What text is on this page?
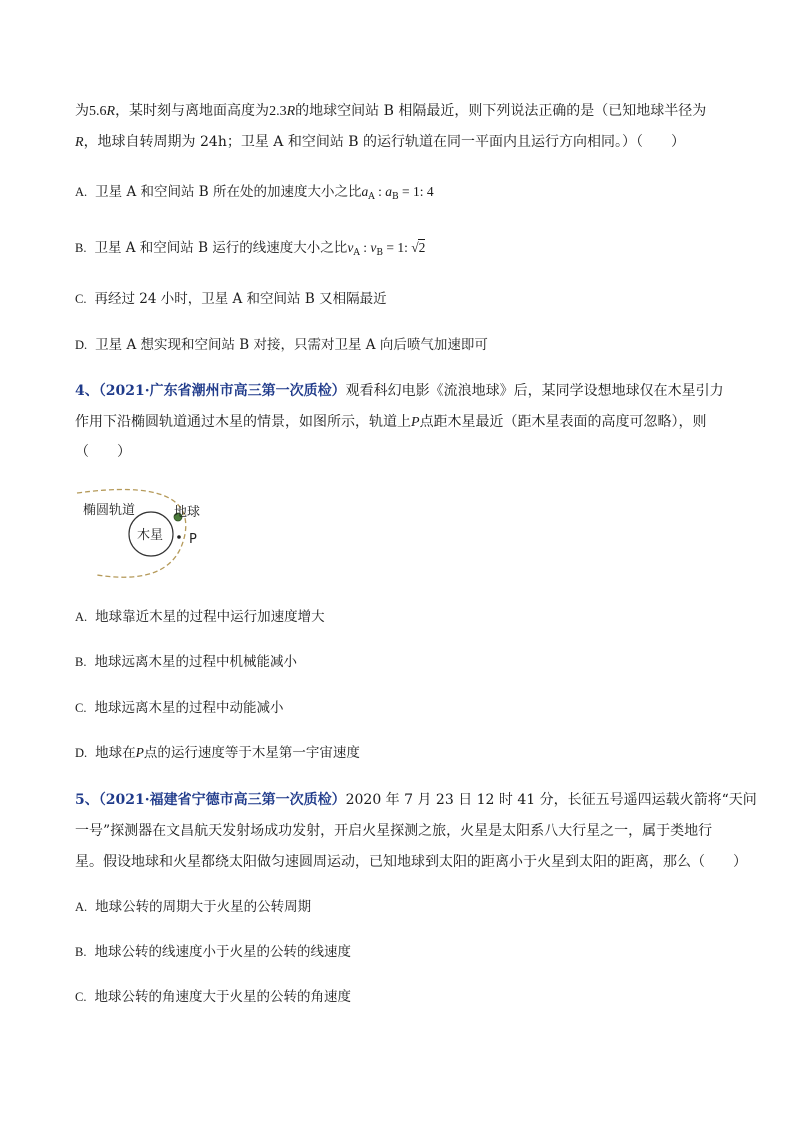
为5.6R，某时刻与离地面高度为2.3R的地球空间站 B 相隔最近，则下列说法正确的是（已知地球半径为
R，地球自转周期为 24h；卫星 A 和空间站 B 的运行轨道在同一平面内且运行方向相同。）（　　）
A. 卫星 A 和空间站 B 所在处的加速度大小之比$a_A$ : $a_B = 1$: 4
B. 卫星 A 和空间站 B 运行的线速度大小之比$v_A$ : $v_B = 1$: √2
C. 再经过 24 小时，卫星 A 和空间站 B 又相隔最近
D. 卫星 A 想实现和空间站 B 对接，只需对卫星 A 向后喷气加速即可
4、（2021·广东省潮州市高三第一次质检）观看科幻电影《流浪地球》后，某同学设想地球仅在木星引力
作用下沿椭圆轨道通过木星的情景，如图所示，轨道上P点距木星最近（距木星表面的高度可忽略），则
（　　）
椭圆轨道	地球
木星 P
A. 地球靠近木星的过程中运行加速度增大
B. 地球远离木星的过程中机械能减小
C. 地球远离木星的过程中动能减小
D. 地球在P点的运行速度等于木星第一宇宙速度
5、（2021·福建省宁德市高三第一次质检）2020 年 7 月 23 日 12 时 41 分，长征五号遥四运载火箭将“天问
一号”探测器在文昌航天发射场成功发射，开启火星探测之旅，火星是太阳系八大行星之一，属于类地行
星。假设地球和火星都绕太阳做匀速圆周运动，已知地球到太阳的距离小于火星到太阳的距离，那么（　　）
A. 地球公转的周期大于火星的公转周期
B. 地球公转的线速度小于火星的公转的线速度
C. 地球公转的角速度大于火星的公转的角速度
